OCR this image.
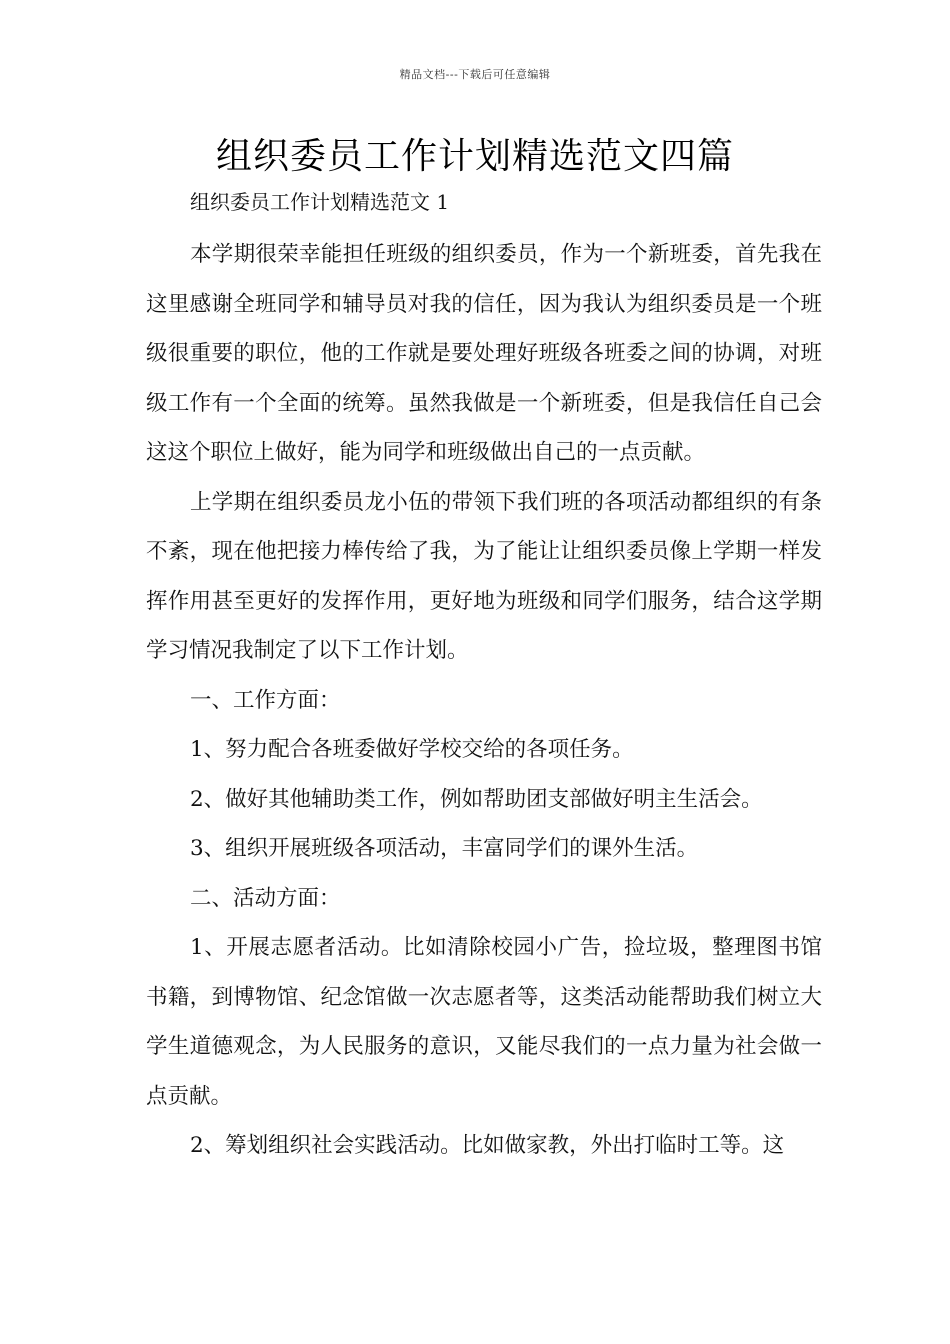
精品文档---下载后可任意编辑
组织委员工作计划精选范文四篇
组织委员工作计划精选范文 1

本学期很荣幸能担任班级的组织委员，作为一个新班委，首先我在这里感谢全班同学和辅导员对我的信任，因为我认为组织委员是一个班级很重要的职位，他的工作就是要处理好班级各班委之间的协调，对班级工作有一个全面的统筹。虽然我做是一个新班委，但是我信任自己会这这个职位上做好，能为同学和班级做出自己的一点贡献。

上学期在组织委员龙小伍的带领下我们班的各项活动都组织的有条不紊，现在他把接力棒传给了我，为了能让让组织委员像上学期一样发挥作用甚至更好的发挥作用，更好地为班级和同学们服务，结合这学期学习情况我制定了以下工作计划。

一、工作方面：

1、努力配合各班委做好学校交给的各项任务。

2、做好其他辅助类工作，例如帮助团支部做好明主生活会。

3、组织开展班级各项活动，丰富同学们的课外生活。

二、活动方面：

1、开展志愿者活动。比如清除校园小广告，捡垃圾，整理图书馆书籍，到博物馆、纪念馆做一次志愿者等，这类活动能帮助我们树立大学生道德观念，为人民服务的意识，又能尽我们的一点力量为社会做一点贡献。

2、筹划组织社会实践活动。比如做家教，外出打临时工等。这
